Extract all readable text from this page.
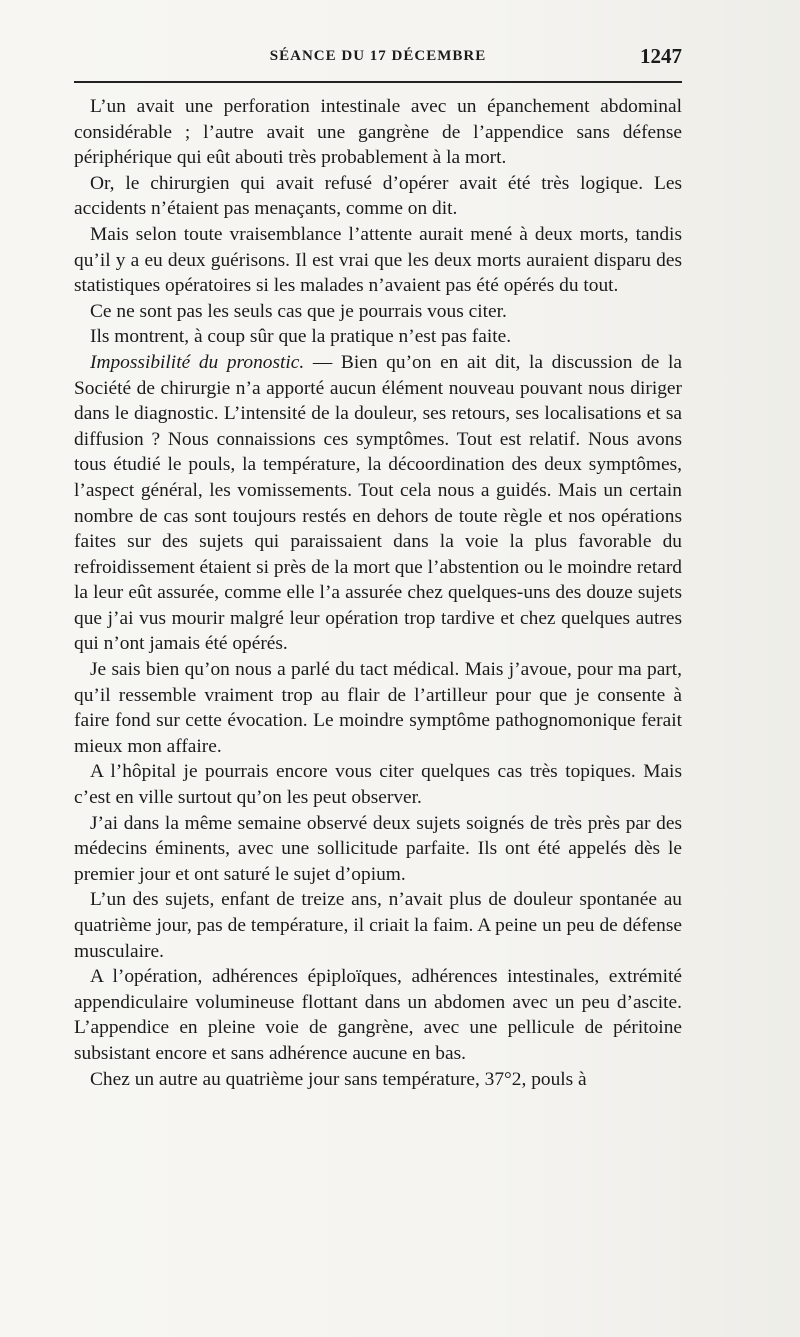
SÉANCE DU 17 DÉCEMBRE	1247

L’un avait une perforation intestinale avec un épanchement abdominal considérable ; l’autre avait une gangrène de l’appendice sans défense périphérique qui eût abouti très probablement à la mort.

Or, le chirurgien qui avait refusé d’opérer avait été très logique. Les accidents n’étaient pas menaçants, comme on dit.

Mais selon toute vraisemblance l’attente aurait mené à deux morts, tandis qu’il y a eu deux guérisons. Il est vrai que les deux morts auraient disparu des statistiques opératoires si les malades n’avaient pas été opérés du tout.

Ce ne sont pas les seuls cas que je pourrais vous citer.

Ils montrent, à coup sûr que la pratique n’est pas faite.

Impossibilité du pronostic. — Bien qu’on en ait dit, la discussion de la Société de chirurgie n’a apporté aucun élément nouveau pouvant nous diriger dans le diagnostic. L’intensité de la douleur, ses retours, ses localisations et sa diffusion ? Nous connaissions ces symptômes. Tout est relatif. Nous avons tous étudié le pouls, la température, la décoordination des deux symptômes, l’aspect général, les vomissements. Tout cela nous a guidés. Mais un certain nombre de cas sont toujours restés en dehors de toute règle et nos opérations faites sur des sujets qui paraissaient dans la voie la plus favorable du refroidissement étaient si près de la mort que l’abstention ou le moindre retard la leur eût assurée, comme elle l’a assurée chez quelques-uns des douze sujets que j’ai vus mourir malgré leur opération trop tardive et chez quelques autres qui n’ont jamais été opérés.

Je sais bien qu’on nous a parlé du tact médical. Mais j’avoue, pour ma part, qu’il ressemble vraiment trop au flair de l’artilleur pour que je consente à faire fond sur cette évocation. Le moindre symptôme pathognomonique ferait mieux mon affaire.

A l’hôpital je pourrais encore vous citer quelques cas très topiques. Mais c’est en ville surtout qu’on les peut observer.

J’ai dans la même semaine observé deux sujets soignés de très près par des médecins éminents, avec une sollicitude parfaite. Ils ont été appelés dès le premier jour et ont saturé le sujet d’opium.

L’un des sujets, enfant de treize ans, n’avait plus de douleur spontanée au quatrième jour, pas de température, il criait la faim. A peine un peu de défense musculaire.

A l’opération, adhérences épiploïques, adhérences intestinales, extrémité appendiculaire volumineuse flottant dans un abdomen avec un peu d’ascite. L’appendice en pleine voie de gangrène, avec une pellicule de péritoine subsistant encore et sans adhérence aucune en bas.

Chez un autre au quatrième jour sans température, 37°2, pouls à
